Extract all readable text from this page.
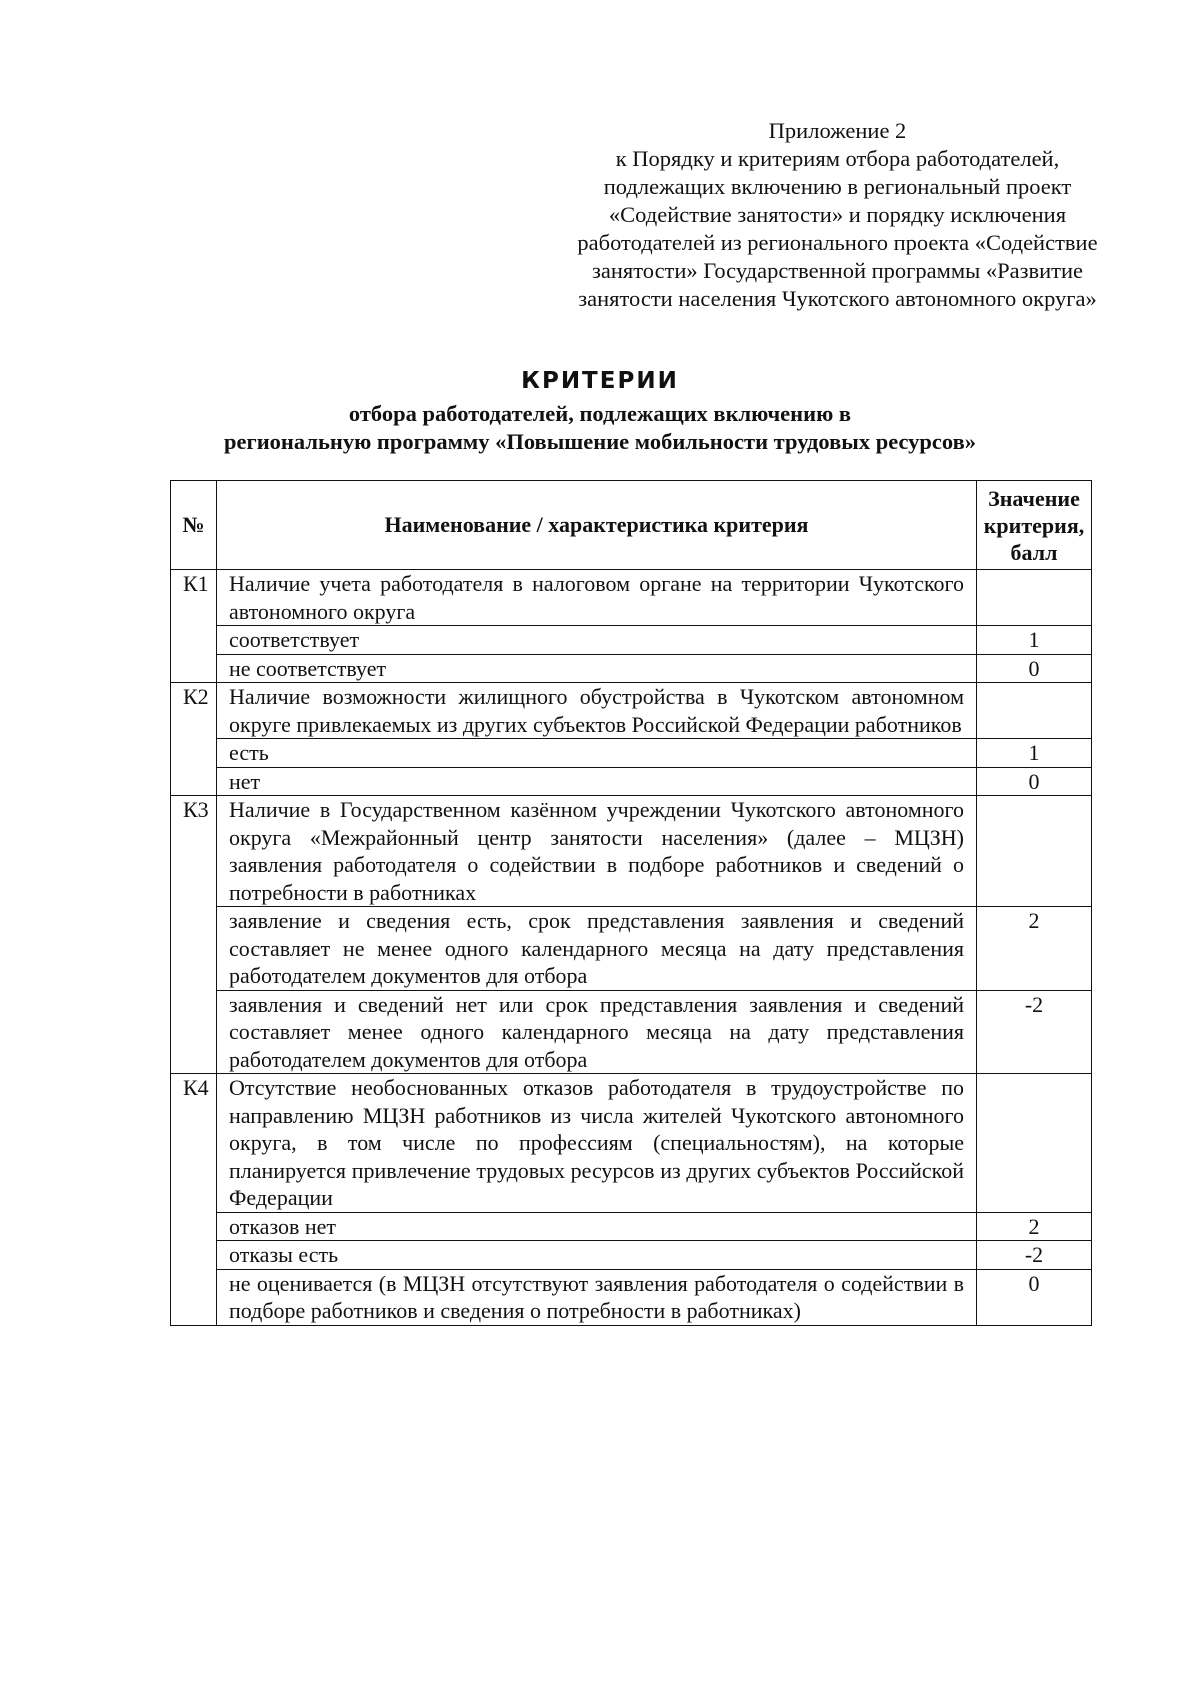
Приложение 2
к Порядку и критериям отбора работодателей,
подлежащих включению в региональный проект
«Содействие занятости» и порядку исключения
работодателей из регионального проекта «Содействие
занятости» Государственной программы «Развитие
занятости населения Чукотского автономного округа»
КРИТЕРИИ
отбора работодателей, подлежащих включению в
региональную программу «Повышение мобильности трудовых ресурсов»
№	Наименование / характеристика критерия	Значение
критерия,
балл

К1	Наличие учета работодателя в налоговом органе на территории Чукотского автономного округа	
	соответствует	1
	не соответствует	0
К2	Наличие возможности жилищного обустройства в Чукотском автономном округе привлекаемых из других субъектов Российской Федерации работников	
	есть	1
	нет	0
К3	Наличие в Государственном казённом учреждении Чукотского автономного округа «Межрайонный центр занятости населения» (далее – МЦЗН) заявления работодателя о содействии в подборе работников и сведений о потребности в работниках	
	заявление и сведения есть, срок представления заявления и сведений составляет не менее одного календарного месяца на дату представления работодателем документов для отбора	2
	заявления и сведений нет или срок представления заявления и сведений составляет менее одного календарного месяца на дату представления работодателем документов для отбора	-2
К4	Отсутствие необоснованных отказов работодателя в трудоустройстве по направлению МЦЗН работников из числа жителей Чукотского автономного округа, в том числе по профессиям (специальностям), на которые планируется привлечение трудовых ресурсов из других субъектов Российской Федерации	
	отказов нет	2
	отказы есть	-2
	не оценивается (в МЦЗН отсутствуют заявления работодателя о содействии в подборе работников и сведения о потребности в работниках)	0
